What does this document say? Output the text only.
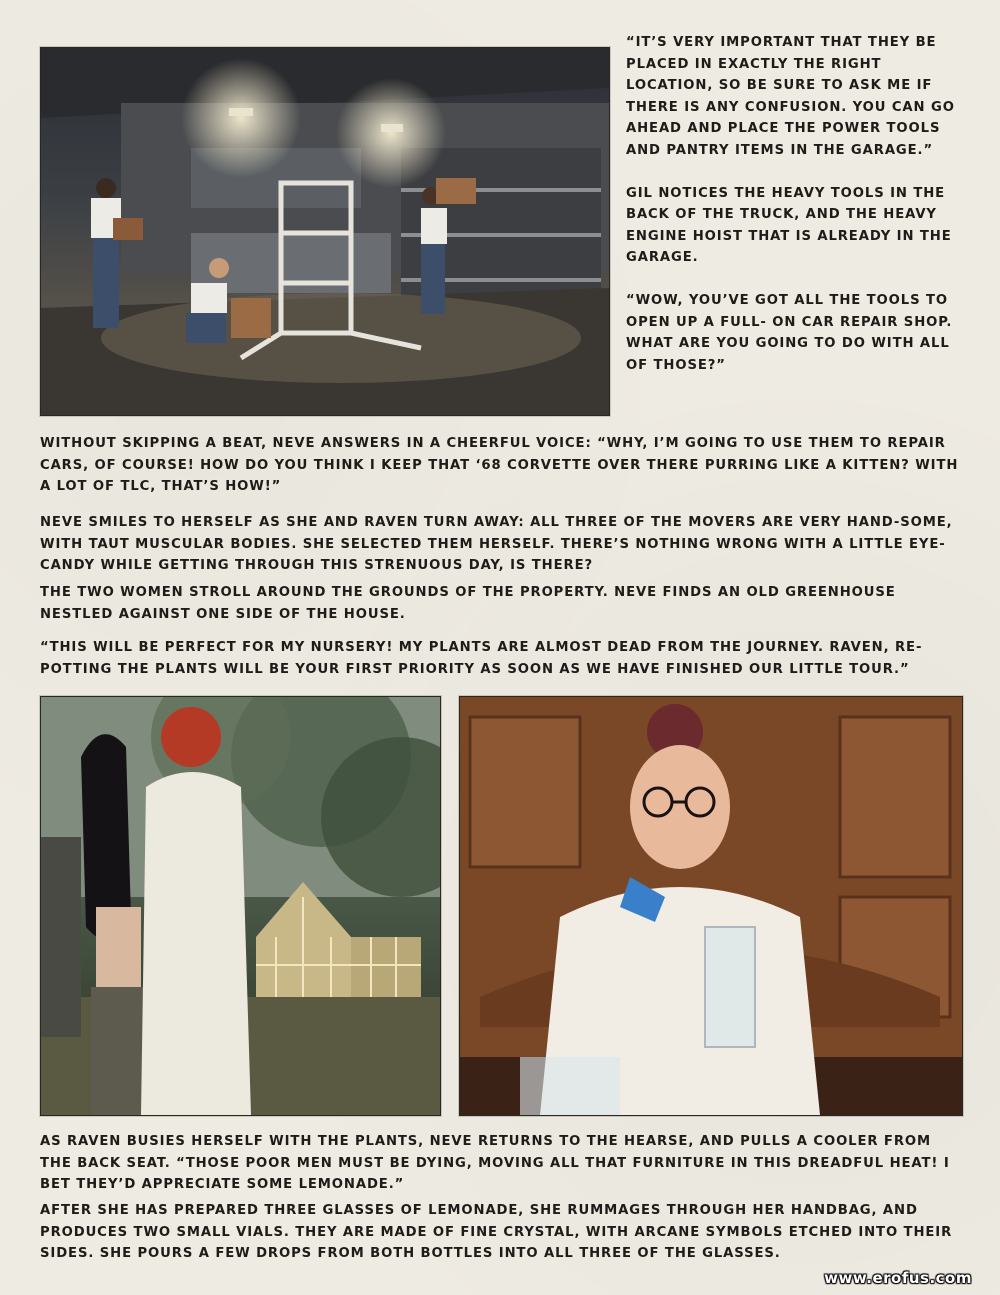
“IT’S VERY IMPORTANT THAT THEY BE PLACED IN EXACTLY THE RIGHT LOCATION, SO BE SURE TO ASK ME IF THERE IS ANY CONFUSION. YOU CAN GO AHEAD AND PLACE THE POWER TOOLS AND PANTRY ITEMS IN THE GARAGE.”

GIL NOTICES THE HEAVY TOOLS IN THE BACK OF THE TRUCK, AND THE HEAVY ENGINE HOIST THAT IS ALREADY IN THE GARAGE.

“WOW, YOU’VE GOT ALL THE TOOLS TO OPEN UP A FULL- ON CAR REPAIR SHOP. WHAT ARE YOU GOING TO DO WITH ALL OF THOSE?”
WITHOUT SKIPPING A BEAT, NEVE ANSWERS IN A CHEERFUL VOICE: “WHY, I’M GOING TO USE THEM TO REPAIR CARS, OF COURSE! HOW DO YOU THINK I KEEP THAT ‘68 CORVETTE OVER THERE PURRING LIKE A KITTEN? WITH A LOT OF TLC, THAT’S HOW!”
NEVE SMILES TO HERSELF AS SHE AND RAVEN TURN AWAY: ALL THREE OF THE MOVERS ARE VERY HAND-SOME, WITH TAUT MUSCULAR BODIES. SHE SELECTED THEM HERSELF. THERE’S NOTHING WRONG WITH A LITTLE EYE-CANDY WHILE GETTING THROUGH THIS STRENUOUS DAY, IS THERE?
THE TWO WOMEN STROLL AROUND THE GROUNDS OF THE PROPERTY. NEVE FINDS AN OLD GREENHOUSE NESTLED AGAINST ONE SIDE OF THE HOUSE.
“THIS WILL BE PERFECT FOR MY NURSERY! MY PLANTS ARE ALMOST DEAD FROM THE JOURNEY. RAVEN, RE-POTTING THE PLANTS WILL BE YOUR FIRST PRIORITY AS SOON AS WE HAVE FINISHED OUR LITTLE TOUR.”
AS RAVEN BUSIES HERSELF WITH THE PLANTS, NEVE RETURNS TO THE HEARSE, AND PULLS A COOLER FROM THE BACK SEAT. “THOSE POOR MEN MUST BE DYING, MOVING ALL THAT FURNITURE IN THIS DREADFUL HEAT! I BET THEY’D APPRECIATE SOME LEMONADE.”
AFTER SHE HAS PREPARED THREE GLASSES OF LEMONADE, SHE RUMMAGES THROUGH HER HANDBAG, AND PRODUCES TWO SMALL VIALS. THEY ARE MADE OF FINE CRYSTAL, WITH ARCANE SYMBOLS ETCHED INTO THEIR SIDES. SHE POURS A FEW DROPS FROM BOTH BOTTLES INTO ALL THREE OF THE GLASSES.
www.erofus.com
